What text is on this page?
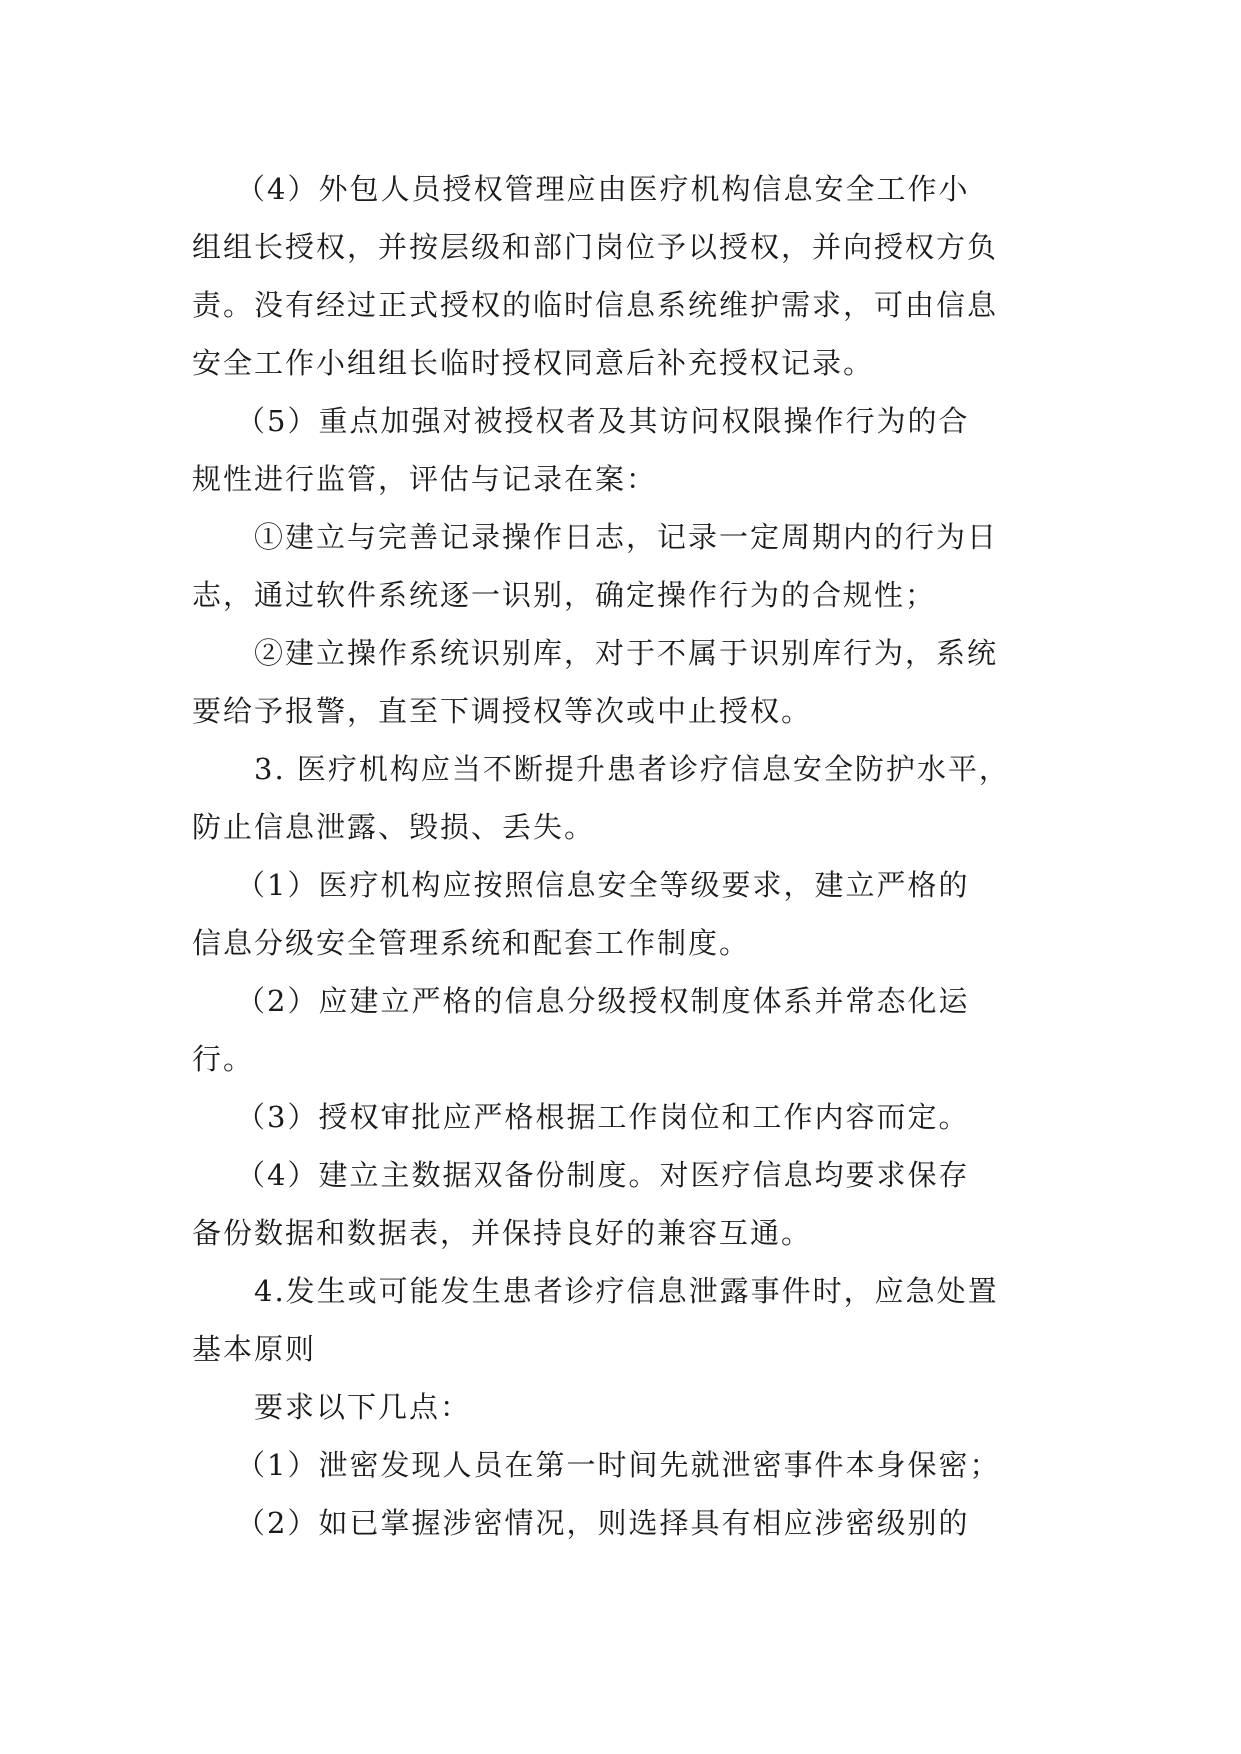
（4）外包人员授权管理应由医疗机构信息安全工作小
组组长授权，并按层级和部门岗位予以授权，并向授权方负
责。没有经过正式授权的临时信息系统维护需求，可由信息
安全工作小组组长临时授权同意后补充授权记录。
（5）重点加强对被授权者及其访问权限操作行为的合
规性进行监管，评估与记录在案：
①建立与完善记录操作日志，记录一定周期内的行为日
志，通过软件系统逐一识别，确定操作行为的合规性；
②建立操作系统识别库，对于不属于识别库行为，系统
要给予报警，直至下调授权等次或中止授权。
3. 医疗机构应当不断提升患者诊疗信息安全防护水平，
防止信息泄露、毁损、丢失。
（1）医疗机构应按照信息安全等级要求，建立严格的
信息分级安全管理系统和配套工作制度。
（2）应建立严格的信息分级授权制度体系并常态化运
行。
（3）授权审批应严格根据工作岗位和工作内容而定。
（4）建立主数据双备份制度。对医疗信息均要求保存
备份数据和数据表，并保持良好的兼容互通。
4.发生或可能发生患者诊疗信息泄露事件时，应急处置
基本原则
要求以下几点：
（1）泄密发现人员在第一时间先就泄密事件本身保密；
（2）如已掌握涉密情况，则选择具有相应涉密级别的
